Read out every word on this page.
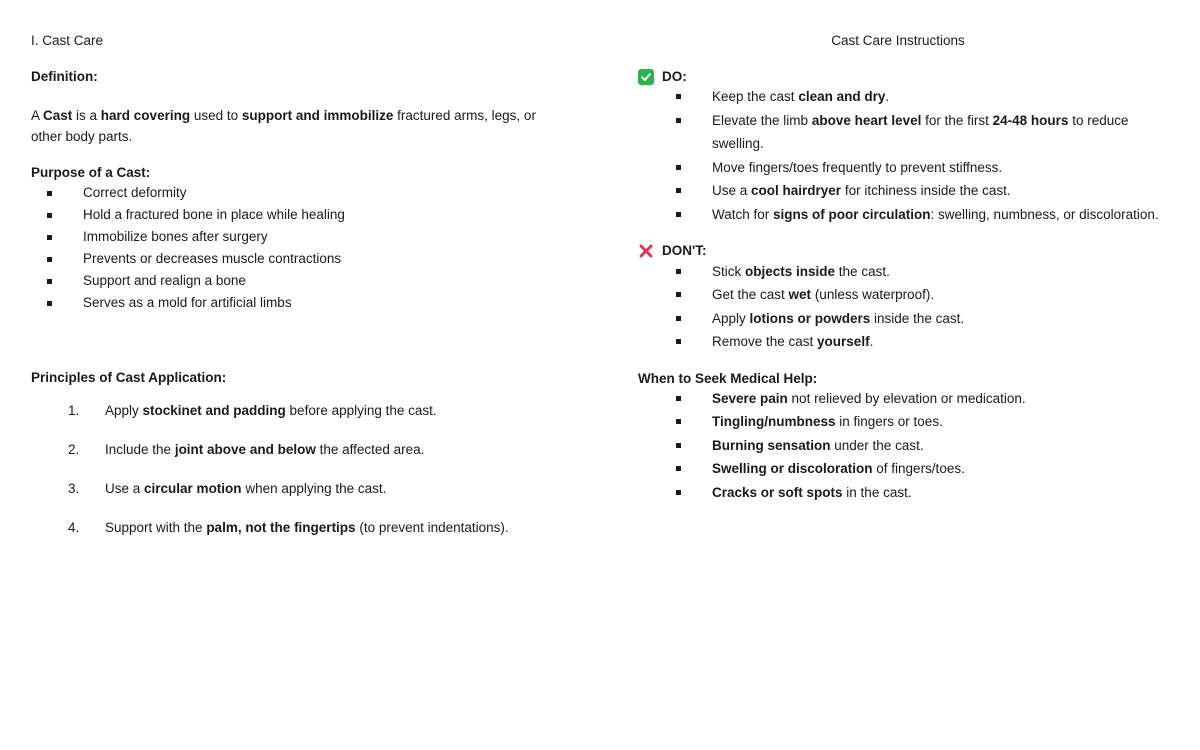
I. Cast Care

Definition:

A Cast is a hard covering used to support and immobilize fractured arms, legs, or other body parts.

Purpose of a Cast:

Correct deformity
Hold a fractured bone in place while healing
Immobilize bones after surgery
Prevents or decreases muscle contractions
Support and realign a bone
Serves as a mold for artificial limbs

Principles of Cast Application:

1. Apply stockinet and padding before applying the cast.
2. Include the joint above and below the affected area.
3. Use a circular motion when applying the cast.
4. Support with the palm, not the fingertips (to prevent indentations).

Cast Care Instructions

DO:
Keep the cast clean and dry.
Elevate the limb above heart level for the first 24-48 hours to reduce swelling.
Move fingers/toes frequently to prevent stiffness.
Use a cool hairdryer for itchiness inside the cast.
Watch for signs of poor circulation: swelling, numbness, or discoloration.
DON'T:
Stick objects inside the cast.
Get the cast wet (unless waterproof).
Apply lotions or powders inside the cast.
Remove the cast yourself.

When to Seek Medical Help:

Severe pain not relieved by elevation or medication.
Tingling/numbness in fingers or toes.
Burning sensation under the cast.
Swelling or discoloration of fingers/toes.
Cracks or soft spots in the cast.
